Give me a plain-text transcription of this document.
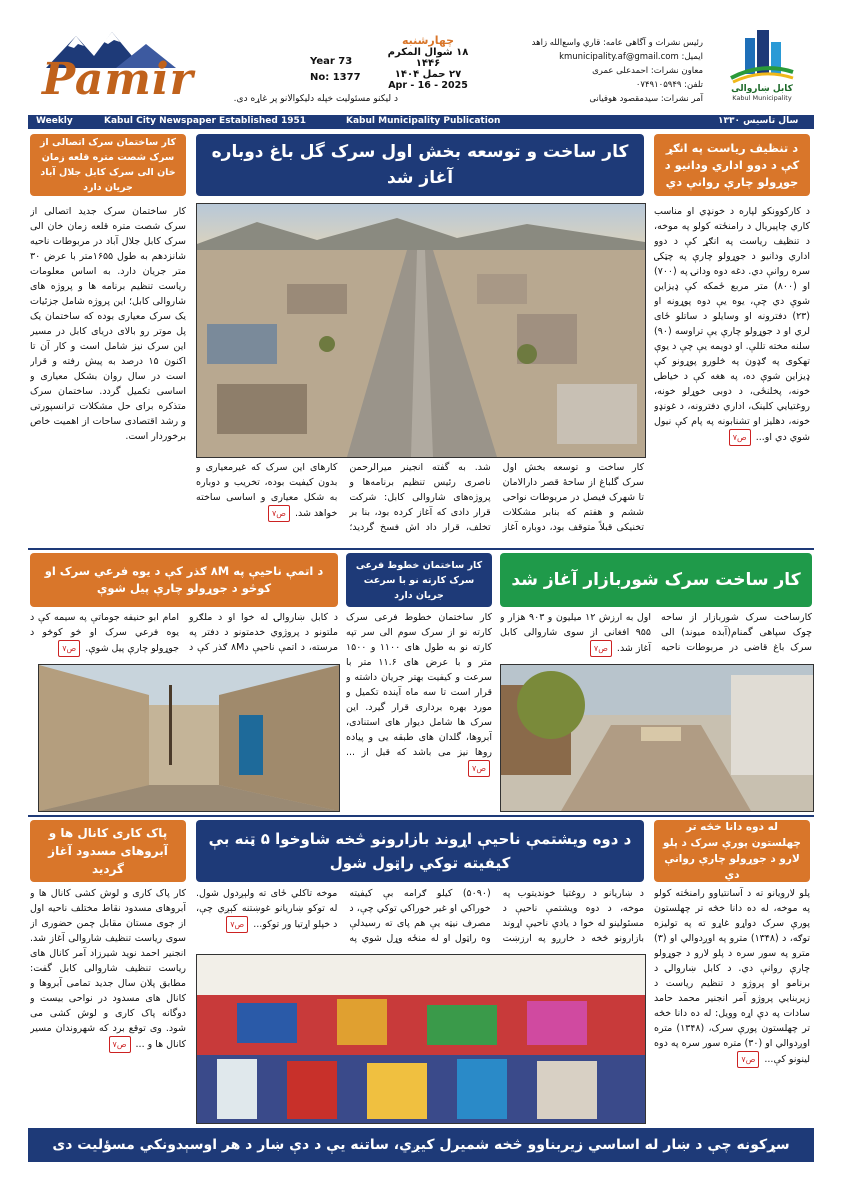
Pamir	Year 73
No: 1377
د لیکنو مسئولیت خپله دلیکوالانو پر غاړه دی.
چهارشنبه
۱۸ شوال المکرم ۱۴۴۶
۲۷ حمل ۱۴۰۴
Apr - 16 - 2025
رئیس نشرات و آگاهی عامه: قاري واسع‌الله زاهد
ایمیل: kmunicipality.af@gmail.com
معاون نشرات: احمدعلی عمری
تلفن: ۰۷۴۹۱۰۵۹۴۹
آمر نشرات: سیدمقصود هوفیانی
کابل ښاروالی
Kabul Municipality
Weekly	Kabul City Newspaper Established 1951	Kabul Municipality Publication	سال تاسیس ۱۳۳۰
د تنظیف ریاست په انګړ کې د دوو اداري ودانیو د جوړولو چارې روانې دي
د کارکوونکو لپاره د خونډي او مناسب کاري چاپیریال د رامنځته کولو په موخه، د تنظیف ریاست په انګړ کې د دوو اداري ودانیو د جوړولو چارې په چټکۍ سره روانې دي. دغه دوه ودانۍ په (۷۰۰) او (۸۰۰) متر مربع ځمکه کې ډیزاین شوې دي چې، یوه یې دوه پوړونه او (۲۳) دفترونه او وسایلو د ساتلو ځای لري او د جوړولو چارې یې تراوسه (۹۰) سلنه مخته تللې. او دویمه یې چې د یوې تهکوی په ګډون په څلورو پوړونو کې ډیزاین شوې ده، په هغه کې د خیاطۍ خونه، پخلنځی، د دوبی خوړلو خونه، روغتیایي کلینک، اداري دفترونه، د غونډو خونه، دهلیز او تشنابونه په پام کې نیول شوي دي او... ص۷
کار ساخت و توسعه بخش اول سرک گل باغ دوباره آغاز شد
کار ساخت و توسعه بخش اول سرک گلباغ از ساحۀ قصر دارالامان تا شهرک فیصل در مربوطات نواحی ششم و هفتم که بنابر مشکلات تخنیکی قبلاً متوقف بود، دوباره آغاز شد. به گفته انجینر میرالرحمن ناصری رئیس تنظیم برنامه‌ها و پروژه‌های شاروالی کابل: شرکت قرار دادی که آغاز کرده بود، بنا بر تخلف، قرار داد اش فسخ گردید؛ کارهای این سرک که غیرمعیاری و بدون کیفیت بوده، تخریب و دوباره به شکل معیاری و اساسی ساخته خواهد شد. ص۷
کار ساختمان سرک اتصالی از سرک شصت متره قلعه زمان خان الی سرک کابل جلال آباد جریان دارد
کار ساختمان سرک جدید اتصالی از سرک شصت متره قلعه زمان خان الی سرک کابل جلال آباد در مربوطات ناحیه شانزدهم به طول ۱۶۵۵متر با عرض ۳۰ متر جریان دارد. به اساس معلومات ریاست تنظیم برنامه ها و پروژه های شاروالی کابل؛ این پروژه شامل جزئیات یک سرک معیاری بوده که ساختمان یک پل موتر رو بالای دریای کابل در مسیر این سرک نیز شامل است و کار آن تا اکنون ۱۵ درصد به پیش رفته و قرار است در سال روان بشکل معیاری و اساسی تکمیل گردد. ساختمان سرک متذکره برای حل مشکلات ترانسپورتی و رشد اقتصادی ساحات از اهمیت خاص برخوردار است.
کار ساخت سرک شوربازار آغاز شد
کارساخت سرک شوربازار از ساحه چوک سپاهی گمنام(آبده میوند) الی سرک باغ قاضی در مربوطات ناحیه اول به ارزش ۱۲ میلیون و ۹۰۳ هزار و ۹۵۵ افغانی از سوی شاروالی کابل آغاز شد. ص۷
کار ساختمان خطوط فرعی سرک کارته نو با سرعت جریان دارد
کار ساختمان خطوط فرعی سرک کارته نو از سرک سوم الی سر تپه کارته نو به طول های ۱۱۰۰ و ۱۵۰۰ متر و با عرض های ۱۱.۶ متر با سرعت و کیفیت بهتر جریان داشته و قرار است تا سه ماه آینده تکمیل و مورد بهره برداری قرار گیرد. این سرک ها شامل دیوار های استنادی، آبروها، گلدان های طبقه یی و پیاده رو‌ها نیز می باشد که قبل از ... ص۷
د اتمې ناحیې په ۸M ګذر کې د یوه فرعي سرک او کوڅو د جوړولو چارې پیل شوې
د کابل ښاروالۍ له خوا او د ملګرو ملتونو د پروژوي خدمتونو د دفتر په مرسته، د اتمې ناحیې د۸M ګذر کې د امام ابو حنیفه جوماتې په سیمه کې د یوه فرعي سرک او څو کوڅو د جوړولو چارې پیل شوې. ص۷
له دوه دانا خڅه تر چهلستون پورې سرک د پلو لارو د جوړولو چارې روانې دي
پلو لارویانو ته د آسانتیاوو رامنځته کولو په موخه، له ده دانا خڅه تر چهلستون پورې سرک دواړو غاړو ته په توليزه توګه، د (۱۳۴۸) مترو په اوږدوالي او (۳) مترو په سور سره د پلو لارو د جوړولو چارې روانې دي. د کابل ښاروالۍ د برنامو او پروژو د تنظیم ریاست د زیربنایي پروژو آمر انجنیر محمد حامد سادات په دې اړه وویل: له ده دانا خڅه تر چهلستون پورې سرک، (۱۳۴۸) متره اوږدوالي او (۳۰) متره سور سره په دوه لینونو کې... ص۷
د دوه ویشتمې ناحیې اړوند بازارونو څخه شاوخوا ۵ ټنه بې کیفیته توکي راټول شول
د ښاریانو د روغتیا خوندیتوب په موخه، د دوه ویشتمې ناحیې د مسئولینو له خوا د یادې ناحیې اړوند بازارونو څخه د خارږو په ارزښت (۵۰۹۰) کیلو ګرامه بې کیفیته خوراکي او غیر خوراکي توکي چې، د مصرف نیټه یې هم پای ته رسیدلې وه راټول او له منځه وړل شوي په موخه تاکلي ځای ته ولېږدول شول. له توکو ښاریانو غوښتنه کېږي چې، د خپلو اړتیا ور توکو... ص۷
پاک کاری کانال ها و آبروهای مسدود آغاز گردید
کار پاک کاری و لوش کشی کانال ها و آبروهای مسدود نقاط مختلف ناحیه اول از جوی مستان مقابل چمن حضوری از سوی ریاست تنظیف شاروالی آغاز شد. انجنیر احمد نوید شیرزاد آمر کانال های ریاست تنظیف شاروالی کابل گفت: مطابق پلان سال جدید تمامی آبروها و کانال های مسدود در نواحی بیست و دوگانه پاک کاری و لوش کشی می شود. وی توقع برد که شهروندان مسیر کانال ها و ... ص۷
سړکونه چې د ښار له اساسي زیربناوو څخه شمیرل کیږي، ساتنه یې د دې ښار د هر اوسېدونکي مسؤلیت دی
